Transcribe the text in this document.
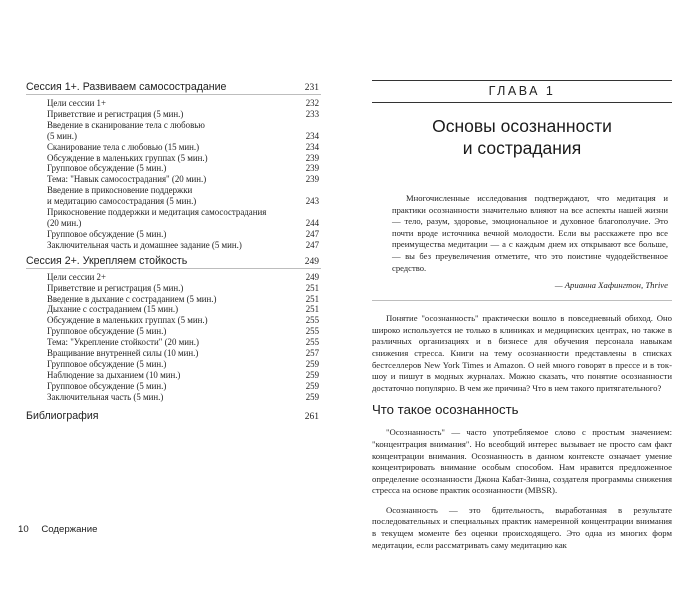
Сессия 1+. Развиваем самосострадание	231
Цели сессии 1+	232
Приветствие и регистрация (5 мин.)	233
Введение в сканирование тела с любовью
(5 мин.)	234
Сканирование тела с любовью (15 мин.)	234
Обсуждение в маленьких группах (5 мин.)	239
Групповое обсуждение (5 мин.)	239
Тема: "Навык самосострадания" (20 мин.)	239
Введение в прикосновение поддержки
и медитацию самосострадания (5 мин.)	243
Прикосновение поддержки и медитация самосострадания
(20 мин.)	244
Групповое обсуждение (5 мин.)	247
Заключительная часть и домашнее задание (5 мин.)	247
Сессия 2+. Укрепляем стойкость	249
Цели сессии 2+	249
Приветствие и регистрация (5 мин.)	251
Введение в дыхание с состраданием (5 мин.)	251
Дыхание с состраданием (15 мин.)	251
Обсуждение в маленьких группах (5 мин.)	255
Групповое обсуждение (5 мин.)	255
Тема: "Укрепление стойкости" (20 мин.)	255
Вращивание внутренней силы (10 мин.)	257
Групповое обсуждение (5 мин.)	259
Наблюдение за дыханием (10 мин.)	259
Групповое обсуждение (5 мин.)	259
Заключительная часть (5 мин.)	259
Библиография	261
10 Содержание
ГЛАВА 1
Основы осознанности
и сострадания
Многочисленные исследования подтверждают, что медитация и практики осознанности значительно влияют на все аспекты нашей жизни — тело, разум, здоровье, эмоциональное и духовное благополучие. Это почти вроде источника вечной молодости. Если вы расскажете про все преимущества медитации — а с каждым днем их открывают все больше, — вы без преувеличения отметите, что это поистине чудодейственное средство.
— Арианна Хафингтон, Thrive

Понятие "осознанность" практически вошло в повседневный обиход. Оно широко используется не только в клиниках и медицинских центрах, но также в различных организациях и в бизнесе для обучения персонала навыкам снижения стресса. Книги на тему осознанности представлены в списках бестселлеров New York Times и Amazon. О ней много говорят в прессе и в ток-шоу и пишут в модных журналах. Можно сказать, что понятие осознанности достаточно популярно. В чем же причина? Что в нем такого притягательного?

Что такое осознанность

"Осознанность" — часто употребляемое слово с простым значением: "концентрация внимания". Но всеобщий интерес вызывает не просто сам факт концентрации внимания. Осознанность в данном контексте означает умение концентрировать внимание особым способом. Нам нравится предложенное определение осознанности Джона Кабат-Зинна, создателя программы снижения стресса на основе практик осознанности (MBSR).

Осознанность — это бдительность, выработанная в результате последовательных и специальных практик намеренной концентрации внимания в текущем моменте без оценки происходящего. Это одна из многих форм медитации, если рассматривать саму медитацию как
